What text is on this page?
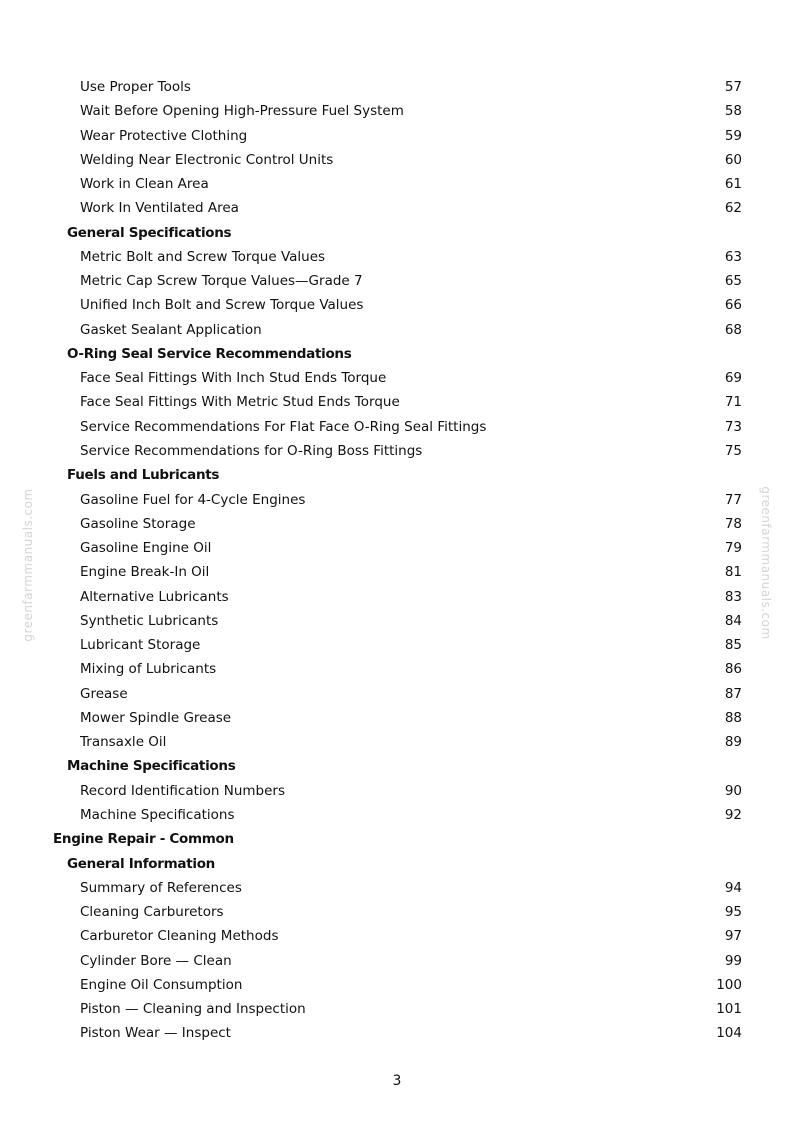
greenfarmmanuals.com	greenfarmmanuals.com
Use Proper Tools	57
Wait Before Opening High-Pressure Fuel System	58
Wear Protective Clothing	59
Welding Near Electronic Control Units	60
Work in Clean Area	61
Work In Ventilated Area	62
General Specifications
Metric Bolt and Screw Torque Values	63
Metric Cap Screw Torque Values—Grade 7	65
Unified Inch Bolt and Screw Torque Values	66
Gasket Sealant Application	68
O-Ring Seal Service Recommendations
Face Seal Fittings With Inch Stud Ends Torque	69
Face Seal Fittings With Metric Stud Ends Torque	71
Service Recommendations For Flat Face O-Ring Seal Fittings	73
Service Recommendations for O-Ring Boss Fittings	75
Fuels and Lubricants
Gasoline Fuel for 4-Cycle Engines	77
Gasoline Storage	78
Gasoline Engine Oil	79
Engine Break-In Oil	81
Alternative Lubricants	83
Synthetic Lubricants	84
Lubricant Storage	85
Mixing of Lubricants	86
Grease	87
Mower Spindle Grease	88
Transaxle Oil	89
Machine Specifications
Record Identification Numbers	90
Machine Specifications	92
Engine Repair - Common
General Information
Summary of References	94
Cleaning Carburetors	95
Carburetor Cleaning Methods	97
Cylinder Bore — Clean	99
Engine Oil Consumption	100
Piston — Cleaning and Inspection	101
Piston Wear — Inspect	104
3
